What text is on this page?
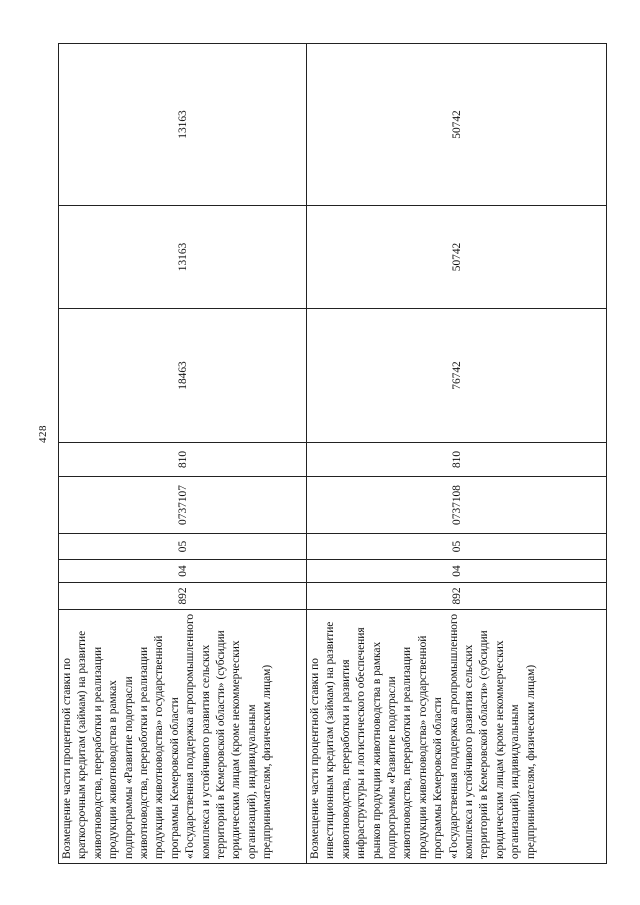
428
Возмещение части процентной ставки по краткосрочным кредитам (займам) на развитие животноводства, переработки и реализации продукции животноводства в рамках подпрограммы «Развитие подотрасли животноводства, переработки и реализации продукции животноводства» государственной программы Кемеровской области «Государственная поддержка агропромышленного комплекса и устойчивого развития сельских территорий в Кемеровской области» (субсидии юридическим лицам (кроме некоммерческих организаций), индивидуальным предпринимателям, физическим лицам)	892	04	05	0737107	810	18463	13163	13163

Возмещение части процентной ставки по инвестиционным кредитам (займам) на развитие животноводства, переработки и развития инфраструктуры и логистического обеспечения рынков продукции животноводства в рамках подпрограммы «Развитие подотрасли животноводства, переработки и реализации продукции животноводства» государственной программы Кемеровской области «Государственная поддержка агропромышленного комплекса и устойчивого развития сельских территорий в Кемеровской области» (субсидии юридическим лицам (кроме некоммерческих организаций), индивидуальным предпринимателям, физическим лицам)	892	04	05	0737108	810	76742	50742	50742
